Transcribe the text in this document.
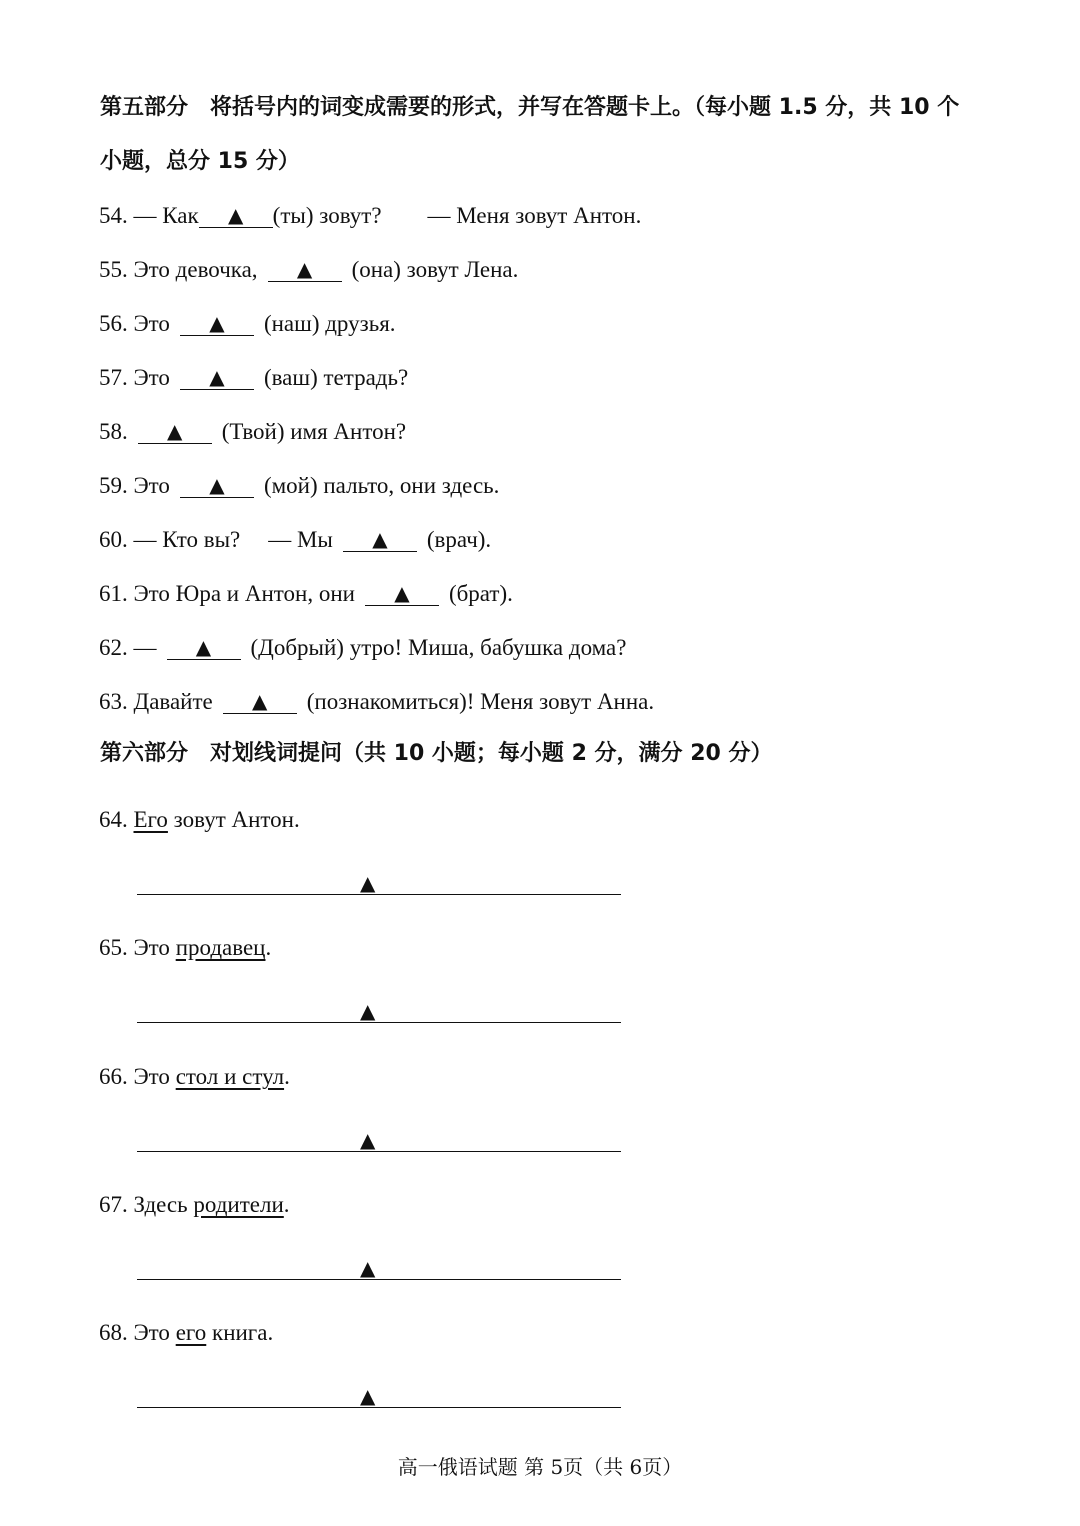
第五部分　将括号内的词变成需要的形式，并写在答题卡上。（每小题 1.5 分，共 10 个小题，总分 15 分）
54. — Как ▲ (ты) зовут? — Меня зовут Антон.
55. Это девочка, ▲ (она) зовут Лена.
56. Это ▲ (наш) друзья.
57. Это ▲ (ваш) тетрадь?
58. ▲ (Твой) имя Антон?
59. Это ▲ (мой) пальто, они здесь.
60. — Кто вы? — Мы ▲ (врач).
61. Это Юра и Антон, они ▲ (брат).
62. — ▲ (Добрый) утро! Миша, бабушка дома?
63. Давайте ▲ (познакомиться)! Меня зовут Анна.
第六部分　对划线词提问（共 10 小题；每小题 2 分，满分 20 分）
64. Его зовут Антон.
▲
65. Это продавец.
▲
66. Это стол и стул.
▲
67. Здесь родители.
▲
68. Это его книга.
▲
高一俄语试题 第 5页（共 6页）
